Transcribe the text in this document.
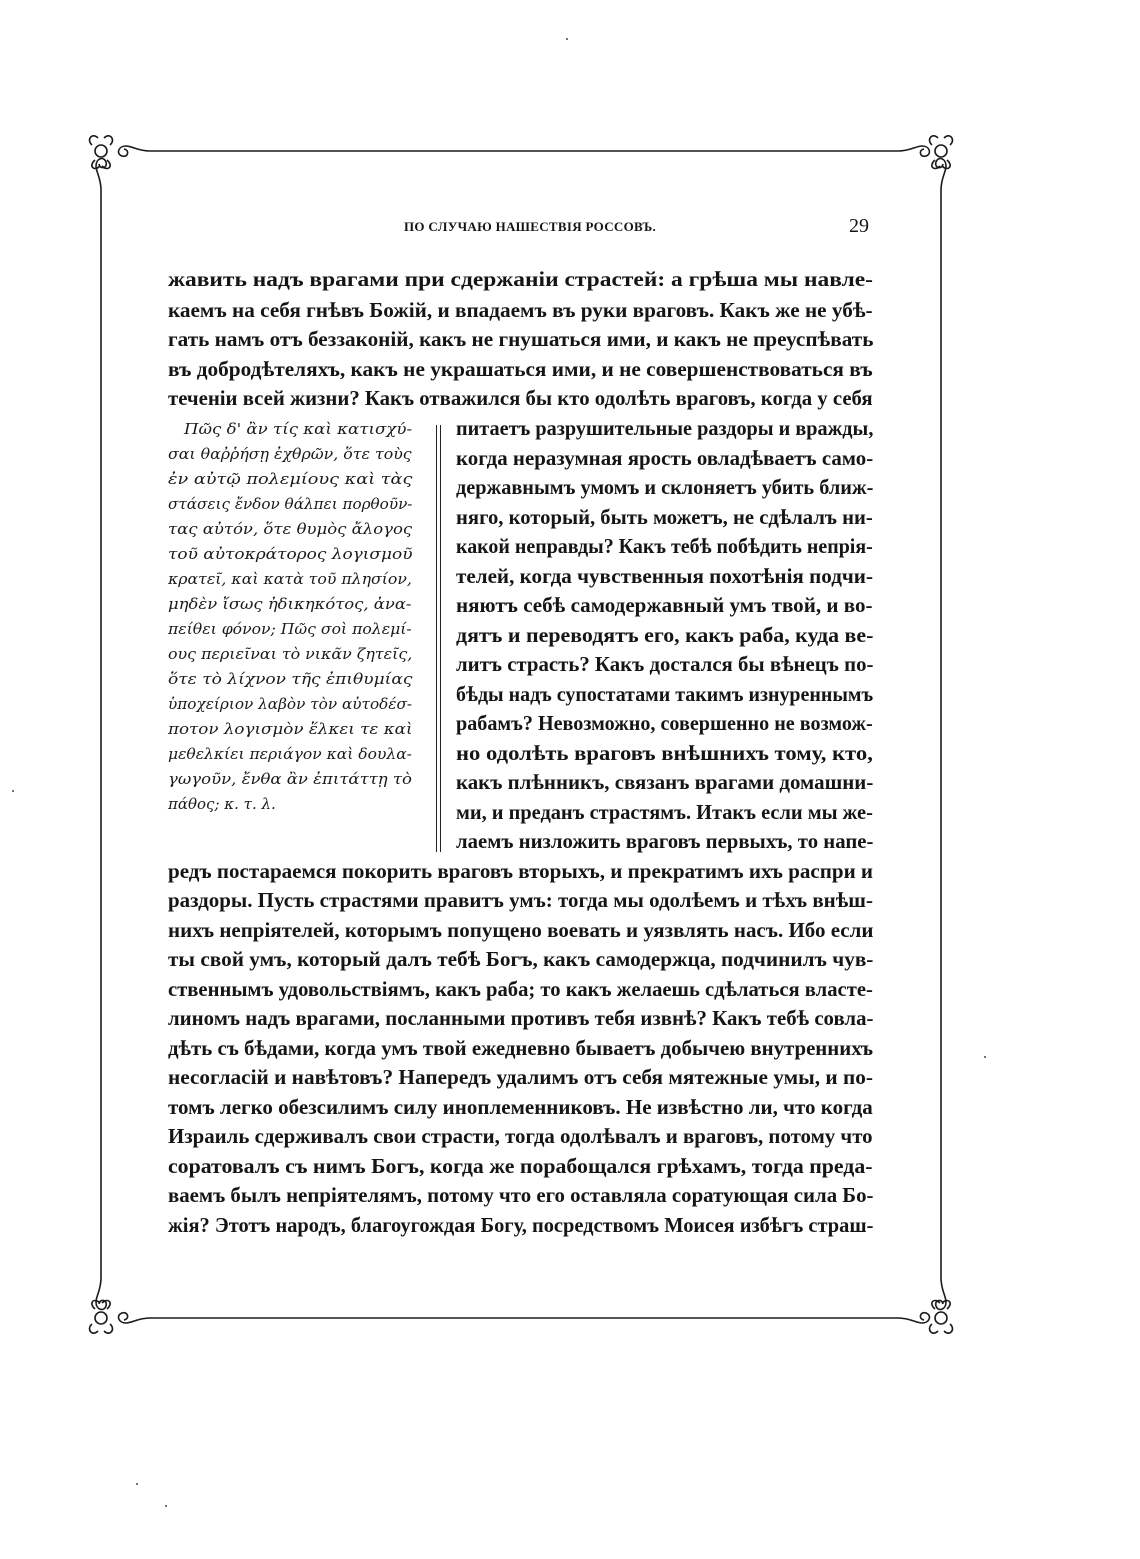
ПО СЛУЧАЮ НАШЕСТВІЯ РОССОВЪ.	29
жавить надъ врагами при сдержаніи страстей: а грѣша мы навле-
каемъ на себя гнѣвъ Божій, и впадаемъ въ руки враговъ. Какъ же не убѣ-
гать намъ отъ беззаконій, какъ не гнушаться ими, и какъ не преуспѣвать
въ добродѣтеляхъ, какъ не украшаться ими, и не совершенствоваться въ
теченіи всей жизни? Какъ отважился бы кто одолѣть враговъ, когда у себя
Πῶς δ' ἂν τίς καὶ κατισχύ-
σαι θαῤῥήσῃ ἐχθρῶν, ὅτε τοὺς
ἐν αὐτῷ πολεμίους καὶ τὰς
στάσεις ἔνδον θάλπει πορθοῦν-
τας αὐτόν, ὅτε θυμὸς ἄλογος
τοῦ αὐτοκράτορος λογισμοῦ
κρατεῖ, καὶ κατὰ τοῦ πλησίον,
μηδὲν ἴσως ἠδικηκότος, ἀνα-
πείθει φόνον; Πῶς σοὶ πολεμί-
ους περιεῖναι τὸ νικᾶν ζητεῖς,
ὅτε τὸ λίχνον τῆς ἐπιθυμίας
ὑποχείριον λαβὸν τὸν αὐτοδέσ-
ποτον λογισμὸν ἕλκει τε καὶ
μεθελκίει περιάγον καὶ δουλα-
γωγοῦν, ἔνθα ἂν ἐπιτάττῃ τὸ
πάθος; κ. τ. λ.
питаетъ разрушительные раздоры и вражды,
когда неразумная ярость овладѣваетъ само-
державнымъ умомъ и склоняетъ убить ближ-
няго, который, быть можетъ, не сдѣлалъ ни-
какой неправды? Какъ тебѣ побѣдить непрія-
телей, когда чувственныя похотѣнія подчи-
няютъ себѣ самодержавный умъ твой, и во-
дятъ и переводятъ его, какъ раба, куда ве-
литъ страсть? Какъ достался бы вѣнецъ по-
бѣды надъ супостатами такимъ изнуреннымъ
рабамъ? Невозможно, совершенно не возмож-
но одолѣть враговъ внѣшнихъ тому, кто,
какъ плѣнникъ, связанъ врагами домашни-
ми, и преданъ страстямъ. Итакъ если мы же-
лаемъ низложить враговъ первыхъ, то напе-
редъ постараемся покорить враговъ вторыхъ, и прекратимъ ихъ распри и
раздоры. Пусть страстями правитъ умъ: тогда мы одолѣемъ и тѣхъ внѣш-
нихъ непріятелей, которымъ попущено воевать и уязвлять насъ. Ибо если
ты свой умъ, который далъ тебѣ Богъ, какъ самодержца, подчинилъ чув-
ственнымъ удовольствіямъ, какъ раба; то какъ желаешь сдѣлаться власте-
линомъ надъ врагами, посланными противъ тебя извнѣ? Какъ тебѣ совла-
дѣть съ бѣдами, когда умъ твой ежедневно бываетъ добычею внутреннихъ
несогласій и навѣтовъ? Напередъ удалимъ отъ себя мятежные умы, и по-
томъ легко обезсилимъ силу иноплеменниковъ. Не извѣстно ли, что когда
Израиль сдерживалъ свои страсти, тогда одолѣвалъ и враговъ, потому что
соратовалъ съ нимъ Богъ, когда же порабощался грѣхамъ, тогда преда-
ваемъ былъ непріятелямъ, потому что его оставляла соратующая сила Бо-
жія? Этотъ народъ, благоугождая Богу, посредствомъ Моисея избѣгъ страш-
